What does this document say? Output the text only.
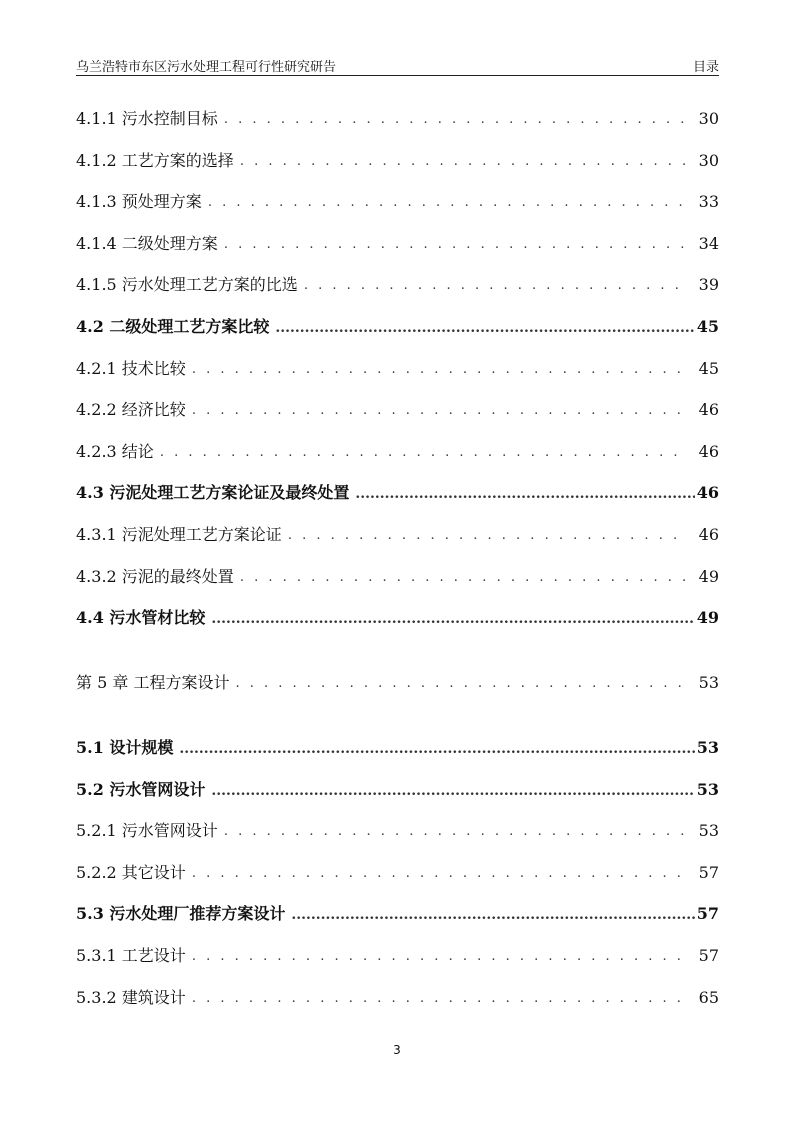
乌兰浩特市东区污水处理工程可行性研究研告	目录
4.1.1 污水控制目标 . . .	30
4.1.2 工艺方案的选择 . . .	30
4.1.3 预处理方案 . . .	33
4.1.4 二级处理方案 . . .	34
4.1.5 污水处理工艺方案的比选 . . .	39
4.2 二级处理工艺方案比较 .....	45
4.2.1 技术比较 . . .	45
4.2.2 经济比较 . . .	46
4.2.3 结论 . . .	46
4.3 污泥处理工艺方案论证及最终处置 .....	46
4.3.1 污泥处理工艺方案论证 . . .	46
4.3.2 污泥的最终处置 . . .	49
4.4 污水管材比较 .....	49
第 5 章 工程方案设计 . . .	53
5.1 设计规模 .....	53
5.2 污水管网设计 .....	53
5.2.1 污水管网设计 . . .	53
5.2.2 其它设计 . . .	57
5.3 污水处理厂推荐方案设计 .....	57
5.3.1 工艺设计 . . .	57
5.3.2 建筑设计 . . .	65
3
